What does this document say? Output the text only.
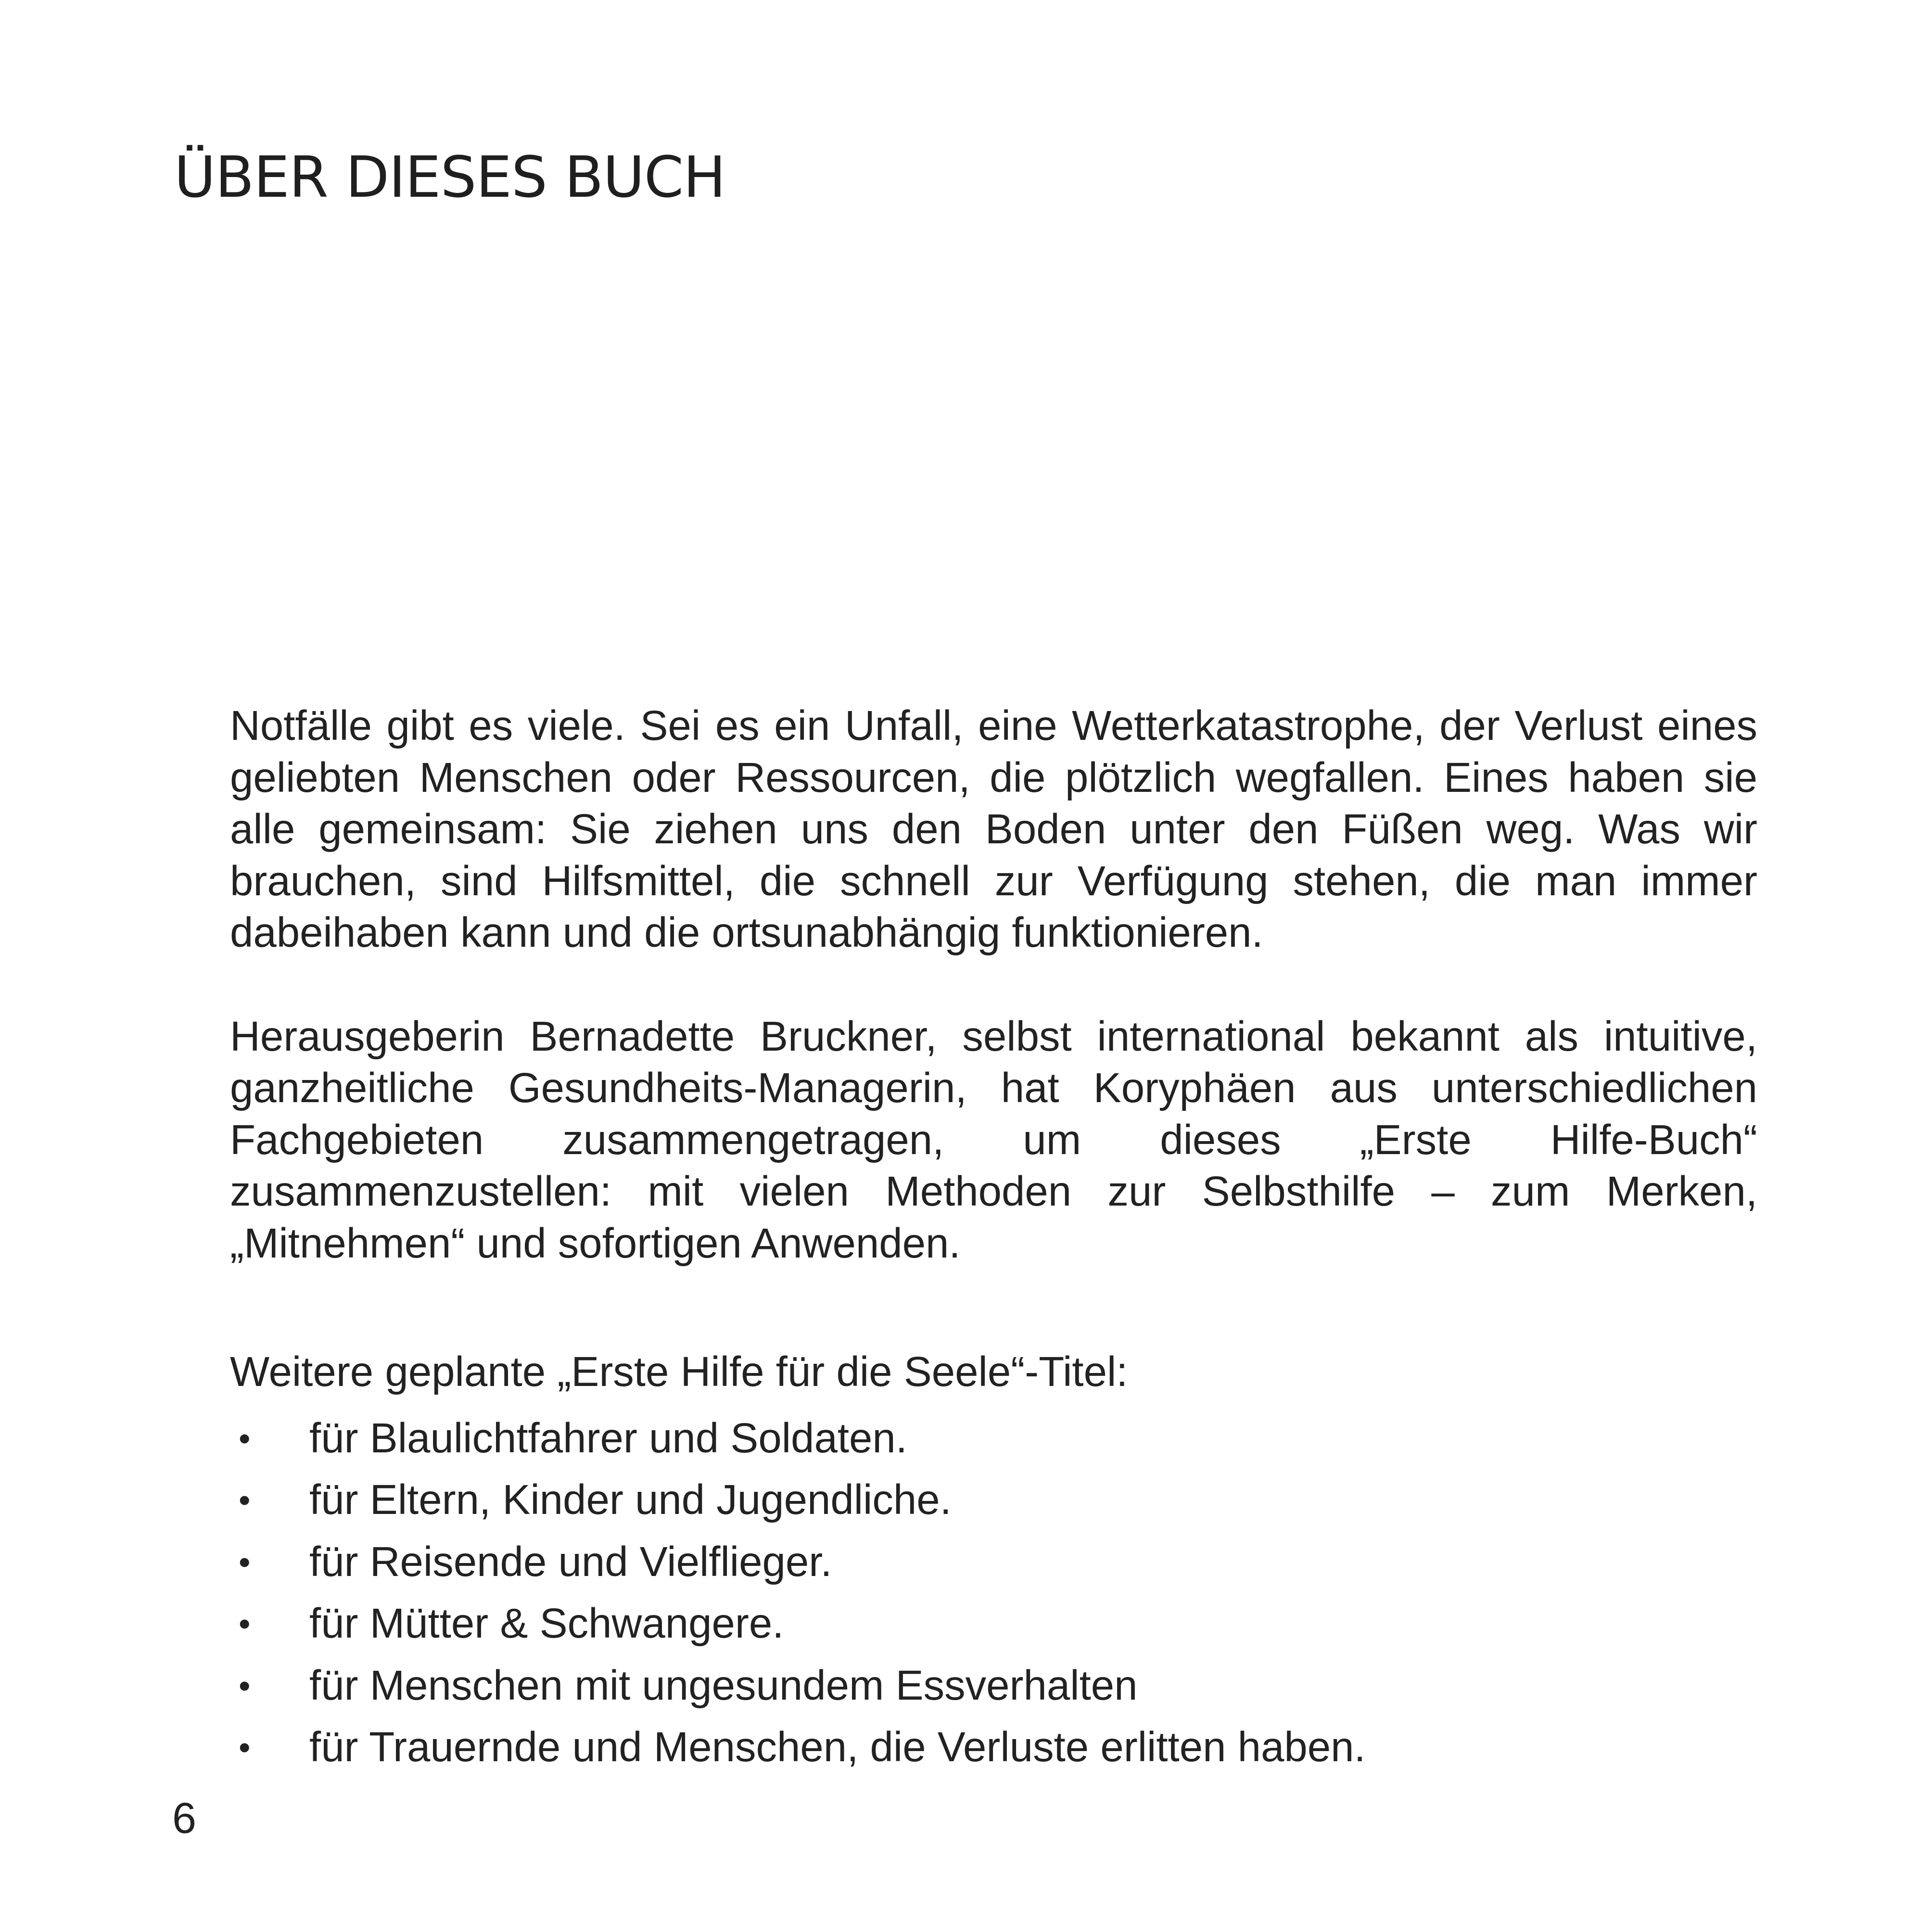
ÜBER DIESES BUCH

Notfälle gibt es viele. Sei es ein Unfall, eine Wetterkatastrophe, der Verlust eines geliebten Menschen oder Ressourcen, die plötzlich wegfallen. Eines haben sie alle gemeinsam: Sie ziehen uns den Boden unter den Füßen weg. Was wir brauchen, sind Hilfsmittel, die schnell zur Verfügung stehen, die man immer dabeihaben kann und die ortsunabhängig funktionieren.

Herausgeberin Bernadette Bruckner, selbst international bekannt als intuitive, ganzheitliche Gesundheits-Managerin, hat Koryphäen aus unterschiedlichen Fachgebieten zusammengetragen, um dieses „Erste Hilfe-Buch“ zusammenzustellen: mit vielen Methoden zur Selbsthilfe – zum Merken, „Mitnehmen“ und sofortigen Anwenden.

Weitere geplante „Erste Hilfe für die Seele“-Titel:

• für Blaulichtfahrer und Soldaten.
• für Eltern, Kinder und Jugendliche.
• für Reisende und Vielflieger.
• für Mütter & Schwangere.
• für Menschen mit ungesundem Essverhalten
• für Trauernde und Menschen, die Verluste erlitten haben.
6
